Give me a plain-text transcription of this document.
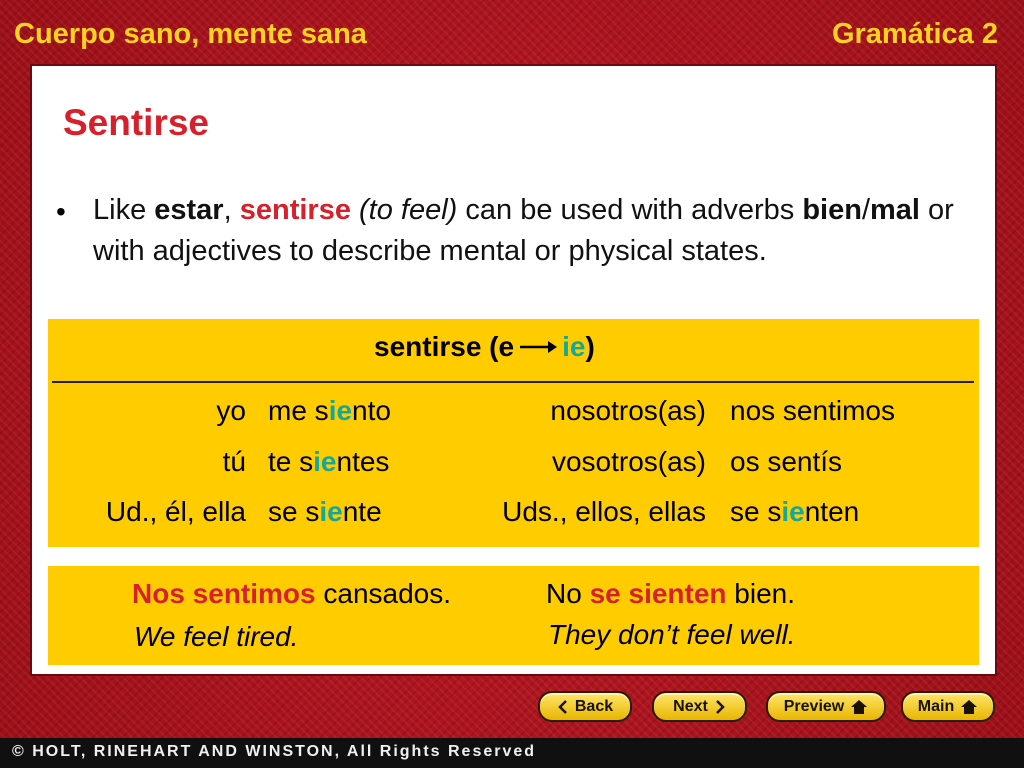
Cuerpo sano, mente sana	Gramática 2
Sentirse
• Like estar, sentirse (to feel) can be used with adverbs bien/mal or with adjectives to describe mental or physical states.
sentirse (e ie)
yo me siento	nosotros(as) nos sentimos
tú te sientes	vosotros(as) os sentís
Ud., él, ella se siente	Uds., ellos, ellas se sienten
Nos sentimos cansados.	No se sienten bien.
We feel tired.	They don’t feel well.
Back	Next	Preview	Main
© HOLT, RINEHART AND WINSTON, All Rights Reserved
